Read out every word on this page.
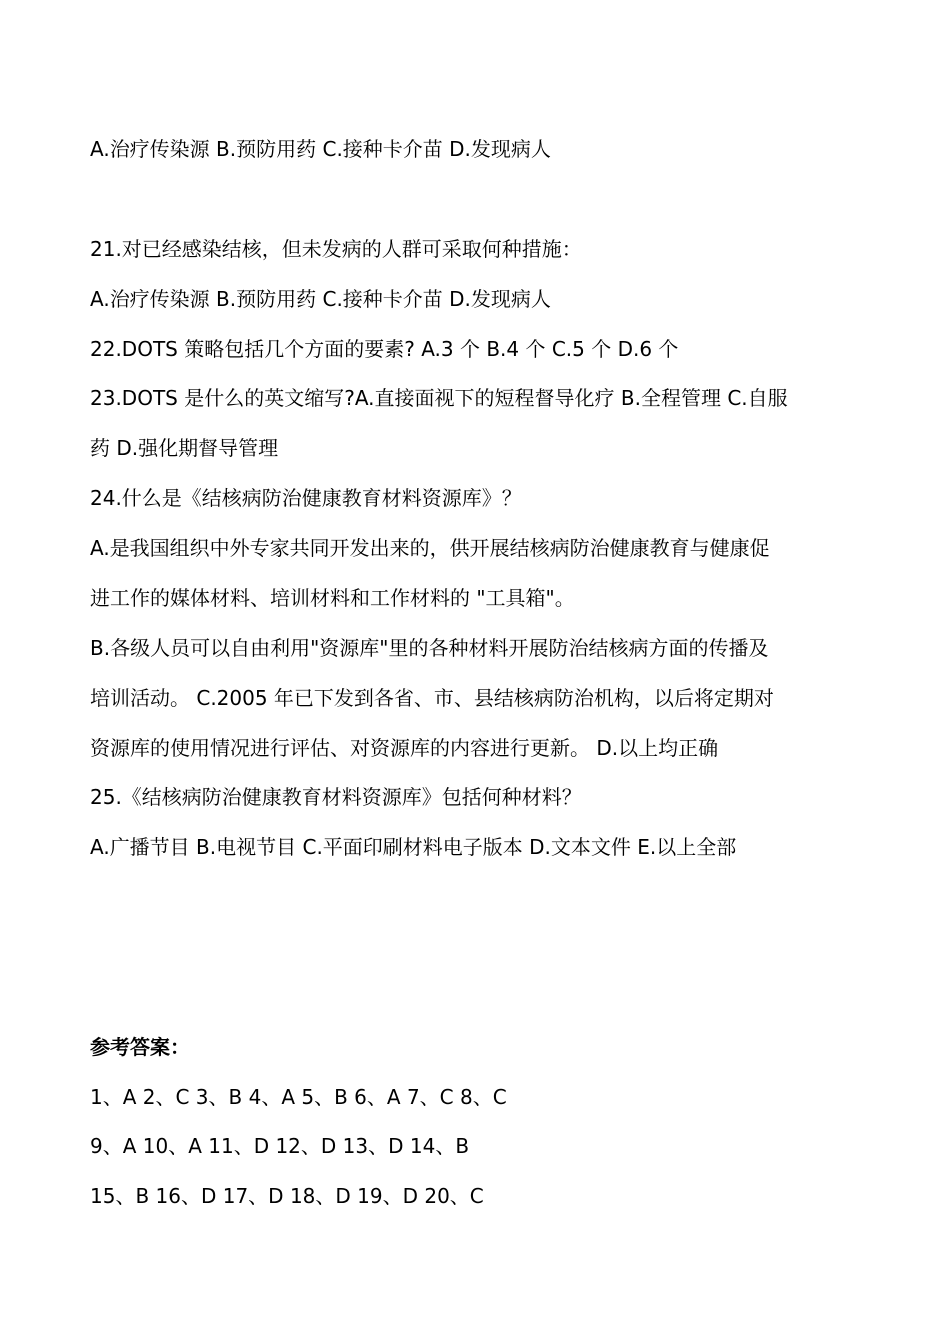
A.治疗传染源 B.预防用药 C.接种卡介苗 D.发现病人
21.对已经感染结核，但未发病的人群可采取何种措施：
A.治疗传染源 B.预防用药 C.接种卡介苗 D.发现病人
22.DOTS 策略包括几个方面的要素? A.3 个 B.4 个 C.5 个 D.6 个
23.DOTS 是什么的英文缩写?A.直接面视下的短程督导化疗 B.全程管理 C.自服
药 D.强化期督导管理
24.什么是《结核病防治健康教育材料资源库》？
A.是我国组织中外专家共同开发出来的，供开展结核病防治健康教育与健康促
进工作的媒体材料、培训材料和工作材料的 "工具箱"。
B.各级人员可以自由利用"资源库"里的各种材料开展防治结核病方面的传播及
培训活动。 C.2005 年已下发到各省、市、县结核病防治机构，以后将定期对
资源库的使用情况进行评估、对资源库的内容进行更新。 D.以上均正确
25.《结核病防治健康教育材料资源库》包括何种材料？
A.广播节目 B.电视节目 C.平面印刷材料电子版本 D.文本文件 E.以上全部
参考答案：
1、A 2、C 3、B 4、A 5、B 6、A 7、C 8、C
9、A 10、A 11、D 12、D 13、D 14、B
15、B 16、D 17、D 18、D 19、D 20、C
